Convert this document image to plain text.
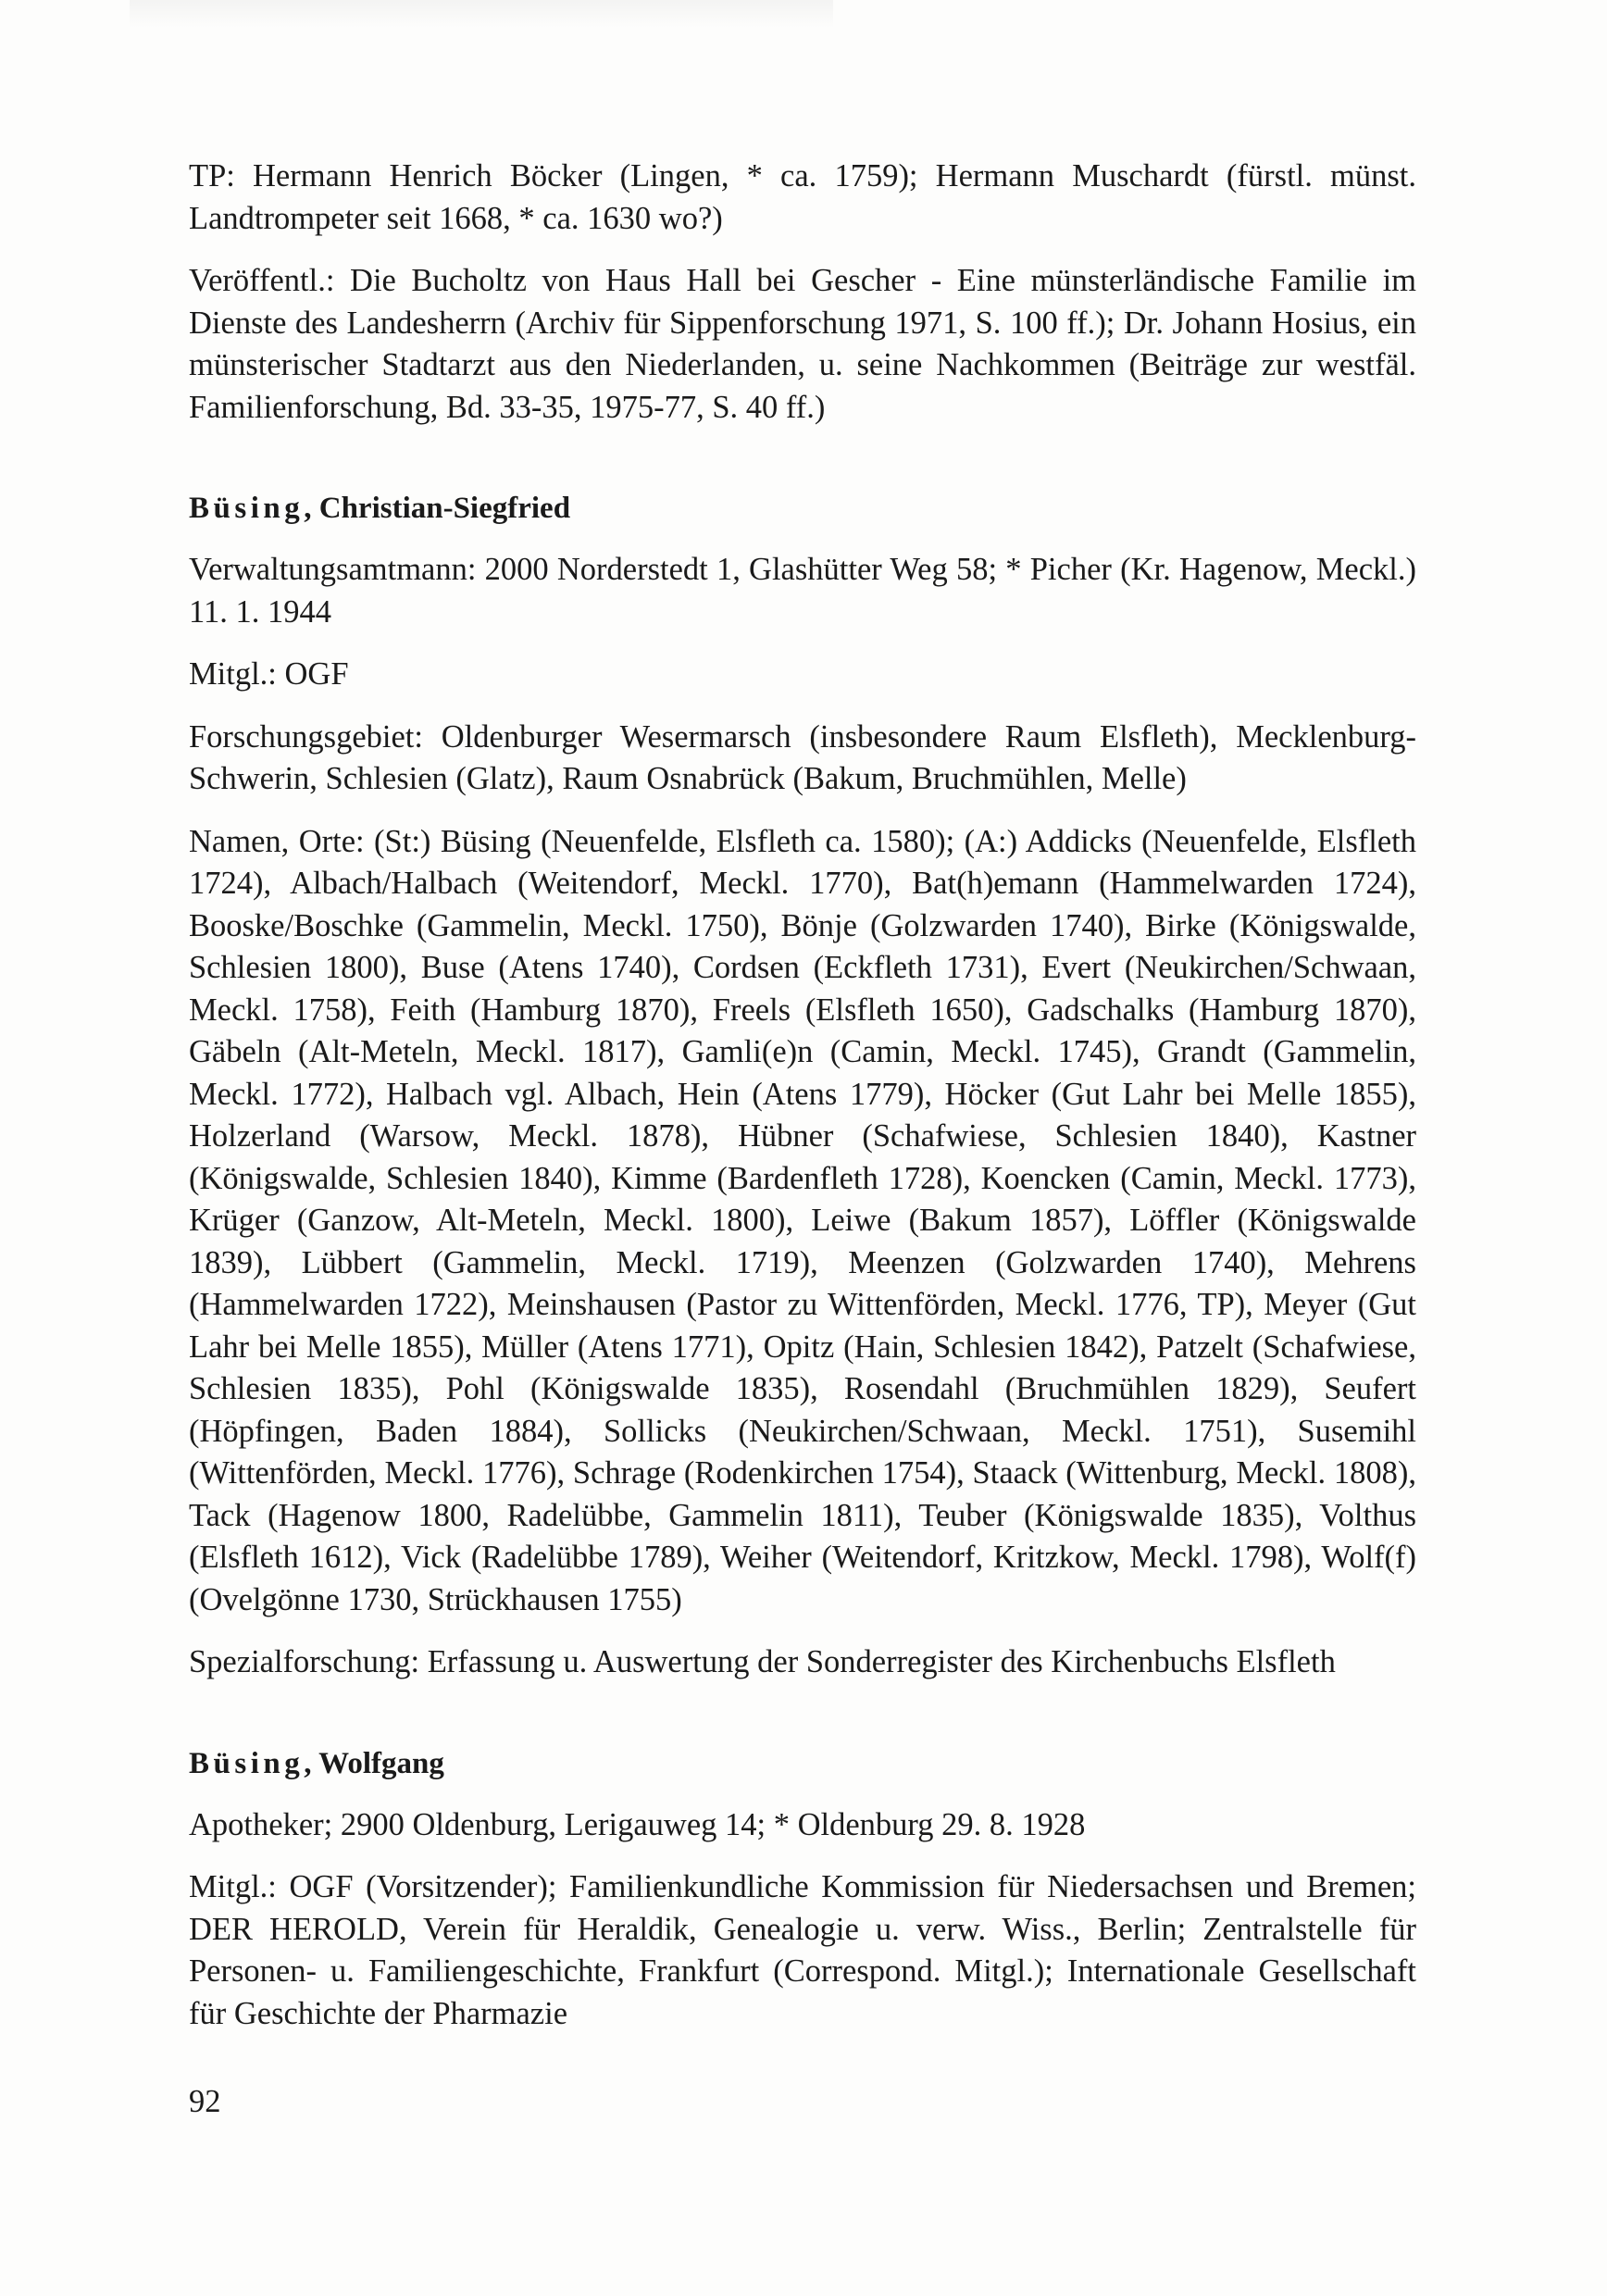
TP: Hermann Henrich Böcker (Lingen, * ca. 1759); Hermann Muschardt (fürstl. münst. Landtrompeter seit 1668, * ca. 1630 wo?)

Veröffentl.: Die Bucholtz von Haus Hall bei Gescher - Eine münsterländische Familie im Dienste des Landesherrn (Archiv für Sippenforschung 1971, S. 100 ff.); Dr. Johann Hosius, ein münsterischer Stadtarzt aus den Niederlanden, u. seine Nachkommen (Beiträge zur westfäl. Familienforschung, Bd. 33-35, 1975-77, S. 40 ff.)

Büsing, Christian-Siegfried

Verwaltungsamtmann: 2000 Norderstedt 1, Glashütter Weg 58; * Picher (Kr. Hagenow, Meckl.) 11. 1. 1944

Mitgl.: OGF

Forschungsgebiet: Oldenburger Wesermarsch (insbesondere Raum Elsfleth), Mecklenburg-Schwerin, Schlesien (Glatz), Raum Osnabrück (Bakum, Bruchmühlen, Melle)

Namen, Orte: (St:) Büsing (Neuenfelde, Elsfleth ca. 1580); (A:) Addicks (Neuenfelde, Elsfleth 1724), Albach/Halbach (Weitendorf, Meckl. 1770), Bat(h)emann (Hammelwarden 1724), Booske/Boschke (Gammelin, Meckl. 1750), Bönje (Golzwarden 1740), Birke (Königswalde, Schlesien 1800), Buse (Atens 1740), Cordsen (Eckfleth 1731), Evert (Neukirchen/Schwaan, Meckl. 1758), Feith (Hamburg 1870), Freels (Elsfleth 1650), Gadschalks (Hamburg 1870), Gäbeln (Alt-Meteln, Meckl. 1817), Gamli(e)n (Camin, Meckl. 1745), Grandt (Gammelin, Meckl. 1772), Halbach vgl. Albach, Hein (Atens 1779), Höcker (Gut Lahr bei Melle 1855), Holzerland (Warsow, Meckl. 1878), Hübner (Schafwiese, Schlesien 1840), Kastner (Königswalde, Schlesien 1840), Kimme (Bardenfleth 1728), Koencken (Camin, Meckl. 1773), Krüger (Ganzow, Alt-Meteln, Meckl. 1800), Leiwe (Bakum 1857), Löffler (Königswalde 1839), Lübbert (Gammelin, Meckl. 1719), Meenzen (Golzwarden 1740), Mehrens (Hammelwarden 1722), Meinshausen (Pastor zu Wittenförden, Meckl. 1776, TP), Meyer (Gut Lahr bei Melle 1855), Müller (Atens 1771), Opitz (Hain, Schlesien 1842), Patzelt (Schafwiese, Schlesien 1835), Pohl (Königswalde 1835), Rosendahl (Bruchmühlen 1829), Seufert (Höpfingen, Baden 1884), Sollicks (Neukirchen/Schwaan, Meckl. 1751), Susemihl (Wittenförden, Meckl. 1776), Schrage (Rodenkirchen 1754), Staack (Wittenburg, Meckl. 1808), Tack (Hagenow 1800, Radelübbe, Gammelin 1811), Teuber (Königswalde 1835), Volthus (Elsfleth 1612), Vick (Radelübbe 1789), Weiher (Weitendorf, Kritzkow, Meckl. 1798), Wolf(f) (Ovelgönne 1730, Strückhausen 1755)

Spezialforschung: Erfassung u. Auswertung der Sonderregister des Kirchenbuchs Elsfleth

Büsing, Wolfgang

Apotheker; 2900 Oldenburg, Lerigauweg 14; * Oldenburg 29. 8. 1928

Mitgl.: OGF (Vorsitzender); Familienkundliche Kommission für Niedersachsen und Bremen; DER HEROLD, Verein für Heraldik, Genealogie u. verw. Wiss., Berlin; Zentralstelle für Personen- u. Familiengeschichte, Frankfurt (Correspond. Mitgl.); Internationale Gesellschaft für Geschichte der Pharmazie

92
